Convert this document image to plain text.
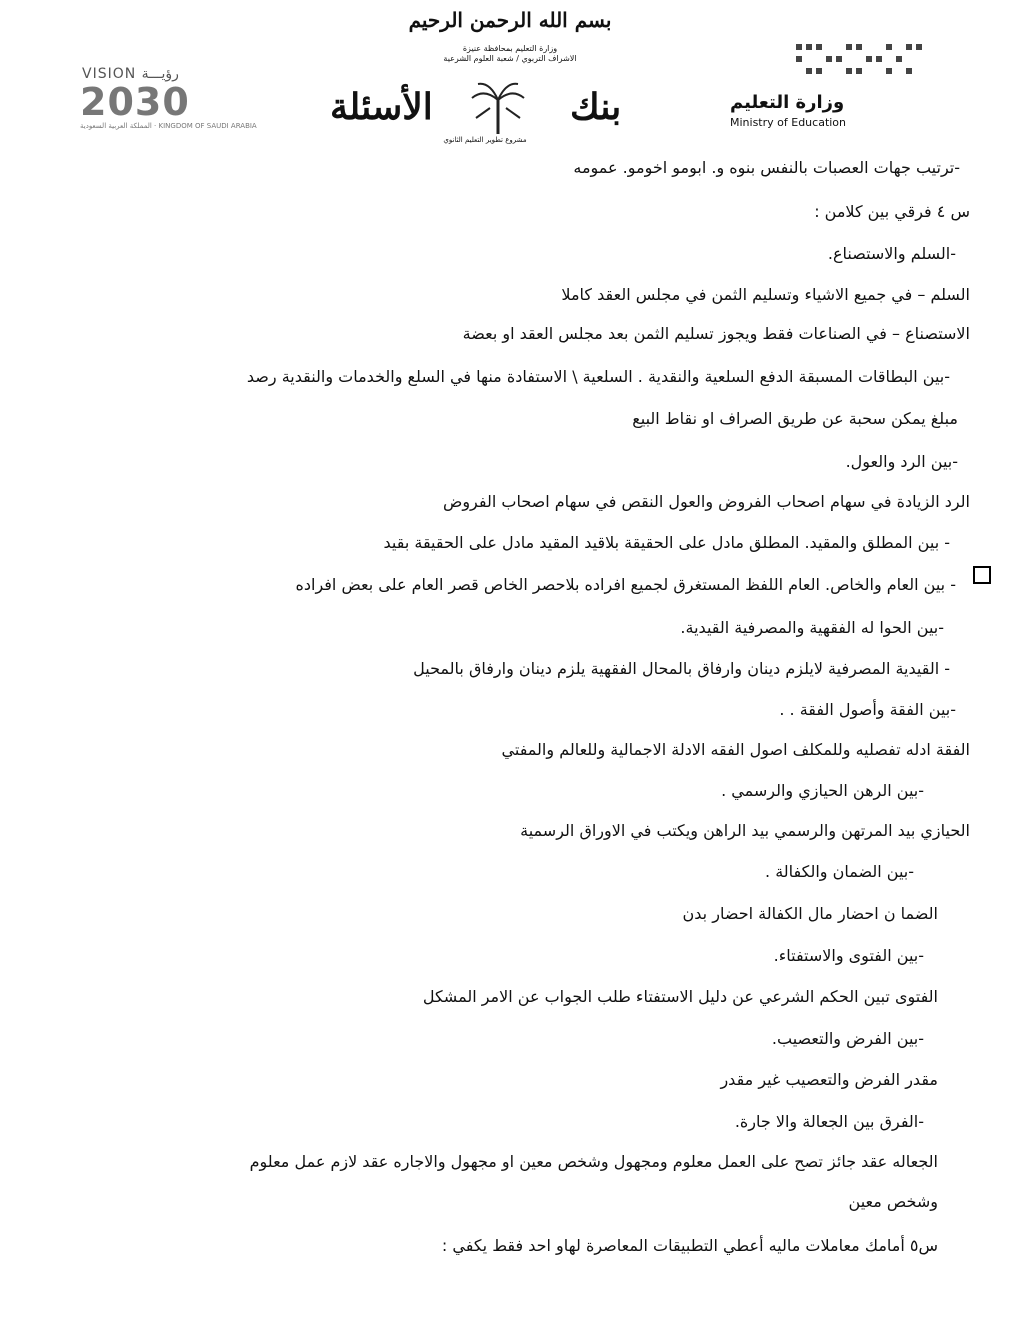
بسم الله الرحمن الرحيم
وزارة التعليم بمحافظة عنيزة
الاشراف التربوي / شعبة العلوم الشرعية
بنك
الأسئلة
مشروع تطوير التعليم الثانوي
وزارة التعليم
Ministry of Education
VISION رؤيـــة
2030
المملكة العربية السعودية · KINGDOM OF SAUDI ARABIA
-ترتيب جهات العصبات بالنفس بنوه و. ابومو اخومو. عمومه
س ٤ فرقي بين كلامن :
-السلم والاستصناع.
السلم – في جميع الاشياء وتسليم الثمن في مجلس العقد كاملا
الاستصناع – في الصناعات فقط ويجوز تسليم الثمن بعد مجلس العقد او بعضة
-بين البطاقات المسبقة الدفع السلعية والنقدية . السلعية \ الاستفادة منها في السلع والخدمات والنقدية رصد
مبلغ يمكن سحبة عن طريق الصراف او نقاط البيع
-بين الرد والعول.
الرد الزيادة في سهام اصحاب الفروض والعول النقص في سهام اصحاب الفروض
- بين المطلق والمقيد. المطلق مادل على الحقيقة بلاقيد المقيد مادل على الحقيقة بقيد
- بين العام والخاص. العام اللفظ المستغرق لجميع افراده بلاحصر الخاص قصر العام على بعض افراده
-بين الحوا له الفقهية والمصرفية القيدية.
- القيدية المصرفية لايلزم دينان وارفاق بالمحال الفقهية يلزم دينان وارفاق بالمحيل
-بين الفقة وأصول الفقة . .
الفقة ادله تفصليه وللمكلف اصول الفقه الادلة الاجمالية وللعالم والمفتي
-بين الرهن الحيازي والرسمي .
الحيازي بيد المرتهن والرسمي بيد الراهن ويكتب في الاوراق الرسمية
-بين الضمان والكفالة .
الضما ن احضار مال الكفالة احضار بدن
-بين الفتوى والاستفتاء.
الفتوى تبين الحكم الشرعي عن دليل الاستفتاء طلب الجواب عن الامر المشكل
-بين الفرض والتعصيب.
مقدر الفرض والتعصيب غير مقدر
-الفرق بين الجعالة والا جارة.
الجعاله عقد جائز تصح على العمل معلوم ومجهول وشخص معين او مجهول والاجاره عقد لازم عمل معلوم
وشخص معين
س٥ أمامك معاملات ماليه أعطي التطبيقات المعاصرة لهاو احد فقط يكفي :
